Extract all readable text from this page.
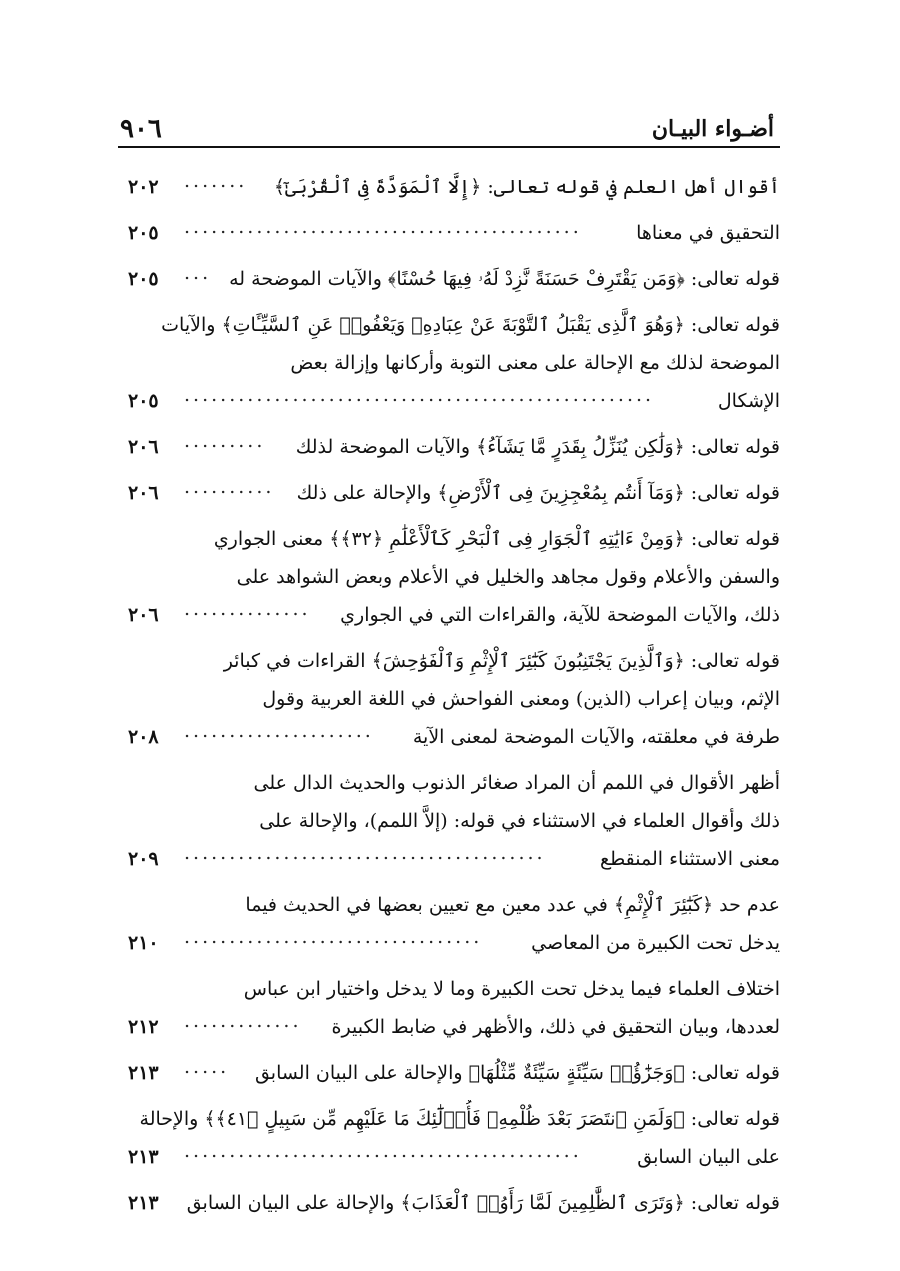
أضـواء البيـان
٩٠٦
أقوال أهل العلم في قوله تعالى: ﴿إِلَّا ٱلْمَوَدَّةَ فِى ٱلْقُرْبَىٰٓ﴾
٢٠٢ .......
التحقيق في معناها
٢٠٥ ............................................
قوله تعالى: ﴿وَمَن يَقْتَرِفْ حَسَنَةً نَّزِدْ لَهُۥ فِيهَا حُسْنًا﴾ والآيات الموضحة له
٢٠٥ ...
قوله تعالى: ﴿وَهُوَ ٱلَّذِى يَقْبَلُ ٱلتَّوْبَةَ عَنْ عِبَادِهِۦ وَيَعْفُوا۟ عَنِ ٱلسَّيِّـَٔاتِ﴾ والآيات
الموضحة لذلك مع الإحالة على معنى التوبة وأركانها وإزالة بعض
الإشكال
٢٠٥ ....................................................
قوله تعالى: ﴿وَلَٰكِن يُنَزِّلُ بِقَدَرٍ مَّا يَشَآءُ﴾ والآيات الموضحة لذلك
٢٠٦ .........
قوله تعالى: ﴿وَمَآ أَنتُم بِمُعْجِزِينَ فِى ٱلْأَرْضِ﴾ والإحالة على ذلك
٢٠٦ ..........
قوله تعالى: ﴿وَمِنْ ءَايَٰتِهِ ٱلْجَوَارِ فِى ٱلْبَحْرِ كَٱلْأَعْلَٰمِ ﴿٣٢﴾﴾ معنى الجواري
والسفن والأعلام وقول مجاهد والخليل في الأعلام وبعض الشواهد على
ذلك، والآيات الموضحة للآية، والقراءات التي في الجواري
٢٠٦ ..............
قوله تعالى: ﴿وَٱلَّذِينَ يَجْتَنِبُونَ كَبَٰٓئِرَ ٱلْإِثْمِ وَٱلْفَوَٰحِشَ﴾ القراءات في كبائر
الإثم، وبيان إعراب (الذين) ومعنى الفواحش في اللغة العربية وقول
طرفة في معلقته، والآيات الموضحة لمعنى الآية
٢٠٨ .....................
أظهر الأقوال في اللمم أن المراد صغائر الذنوب والحديث الدال على
ذلك وأقوال العلماء في الاستثناء في قوله: (إلاَّ اللمم)، والإحالة على
معنى الاستثناء المنقطع
٢٠٩ ........................................
عدم حد ﴿كَبَٰٓئِرَ ٱلْإِثْمِ﴾ في عدد معين مع تعيين بعضها في الحديث فيما
يدخل تحت الكبيرة من المعاصي
٢١٠ .................................
اختلاف العلماء فيما يدخل تحت الكبيرة وما لا يدخل واختيار ابن عباس
لعددها، وبيان التحقيق في ذلك، والأظهر في ضابط الكبيرة
٢١٢ .............
قوله تعالى: ﴿وَجَزَٰٓؤُا۟ سَيِّئَةٍ سَيِّئَةٌ مِّثْلُهَا﴾ والإحالة على البيان السابق
٢١٣ .....
قوله تعالى: ﴿وَلَمَنِ ٱنتَصَرَ بَعْدَ ظُلْمِهِۦ فَأُو۟لَٰٓئِكَ مَا عَلَيْهِم مِّن سَبِيلٍ ﴿٤١﴾﴾ والإحالة
على البيان السابق
٢١٣ ............................................
قوله تعالى: ﴿وَتَرَى ٱلظَّٰلِمِينَ لَمَّا رَأَوُا۟ ٱلْعَذَابَ﴾ والإحالة على البيان السابق
٢١٣
